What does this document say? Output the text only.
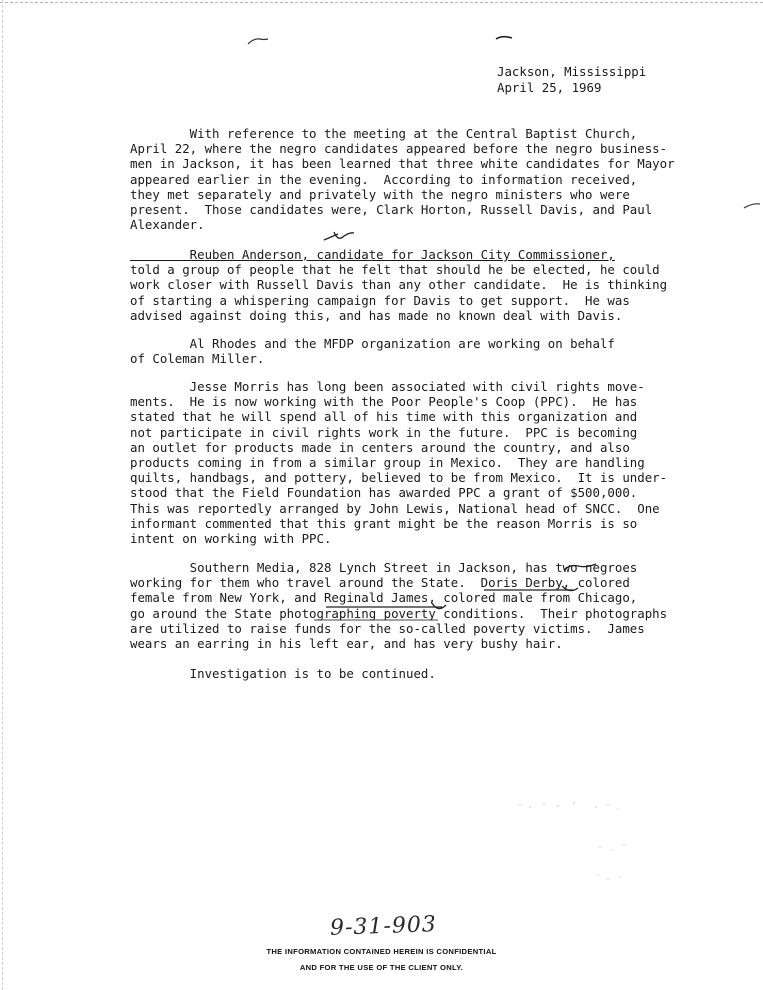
Jackson, Mississippi
April 25, 1969
With reference to the meeting at the Central Baptist Church,
April 22, where the negro candidates appeared before the negro business-
men in Jackson, it has been learned that three white candidates for Mayor
appeared earlier in the evening.  According to information received,
they met separately and privately with the negro ministers who were
present.  Those candidates were, Clark Horton, Russell Davis, and Paul
Alexander.
Reuben Anderson, candidate for Jackson City Commissioner,
told a group of people that he felt that should he be elected, he could
work closer with Russell Davis than any other candidate.  He is thinking
of starting a whispering campaign for Davis to get support.  He was
advised against doing this, and has made no known deal with Davis.
Al Rhodes and the MFDP organization are working on behalf
of Coleman Miller.
Jesse Morris has long been associated with civil rights move-
ments.  He is now working with the Poor People's Coop (PPC).  He has
stated that he will spend all of his time with this organization and
not participate in civil rights work in the future.  PPC is becoming
an outlet for products made in centers around the country, and also
products coming in from a similar group in Mexico.  They are handling
quilts, handbags, and pottery, believed to be from Mexico.  It is under-
stood that the Field Foundation has awarded PPC a grant of $500,000.
This was reportedly arranged by John Lewis, National head of SNCC.  One
informant commented that this grant might be the reason Morris is so
intent on working with PPC.
Southern Media, 828 Lynch Street in Jackson, has two negroes
working for them who travel around the State.  Doris Derby, colored
female from New York, and Reginald James, colored male from Chicago,
go around the State photographing poverty conditions.  Their photographs
are utilized to raise funds for the so-called poverty victims.  James
wears an earring in his left ear, and has very bushy hair.
Investigation is to be continued.
9-31-903
THE INFORMATION CONTAINED HEREIN IS CONFIDENTIAL
AND FOR THE USE OF THE CLIENT ONLY.
